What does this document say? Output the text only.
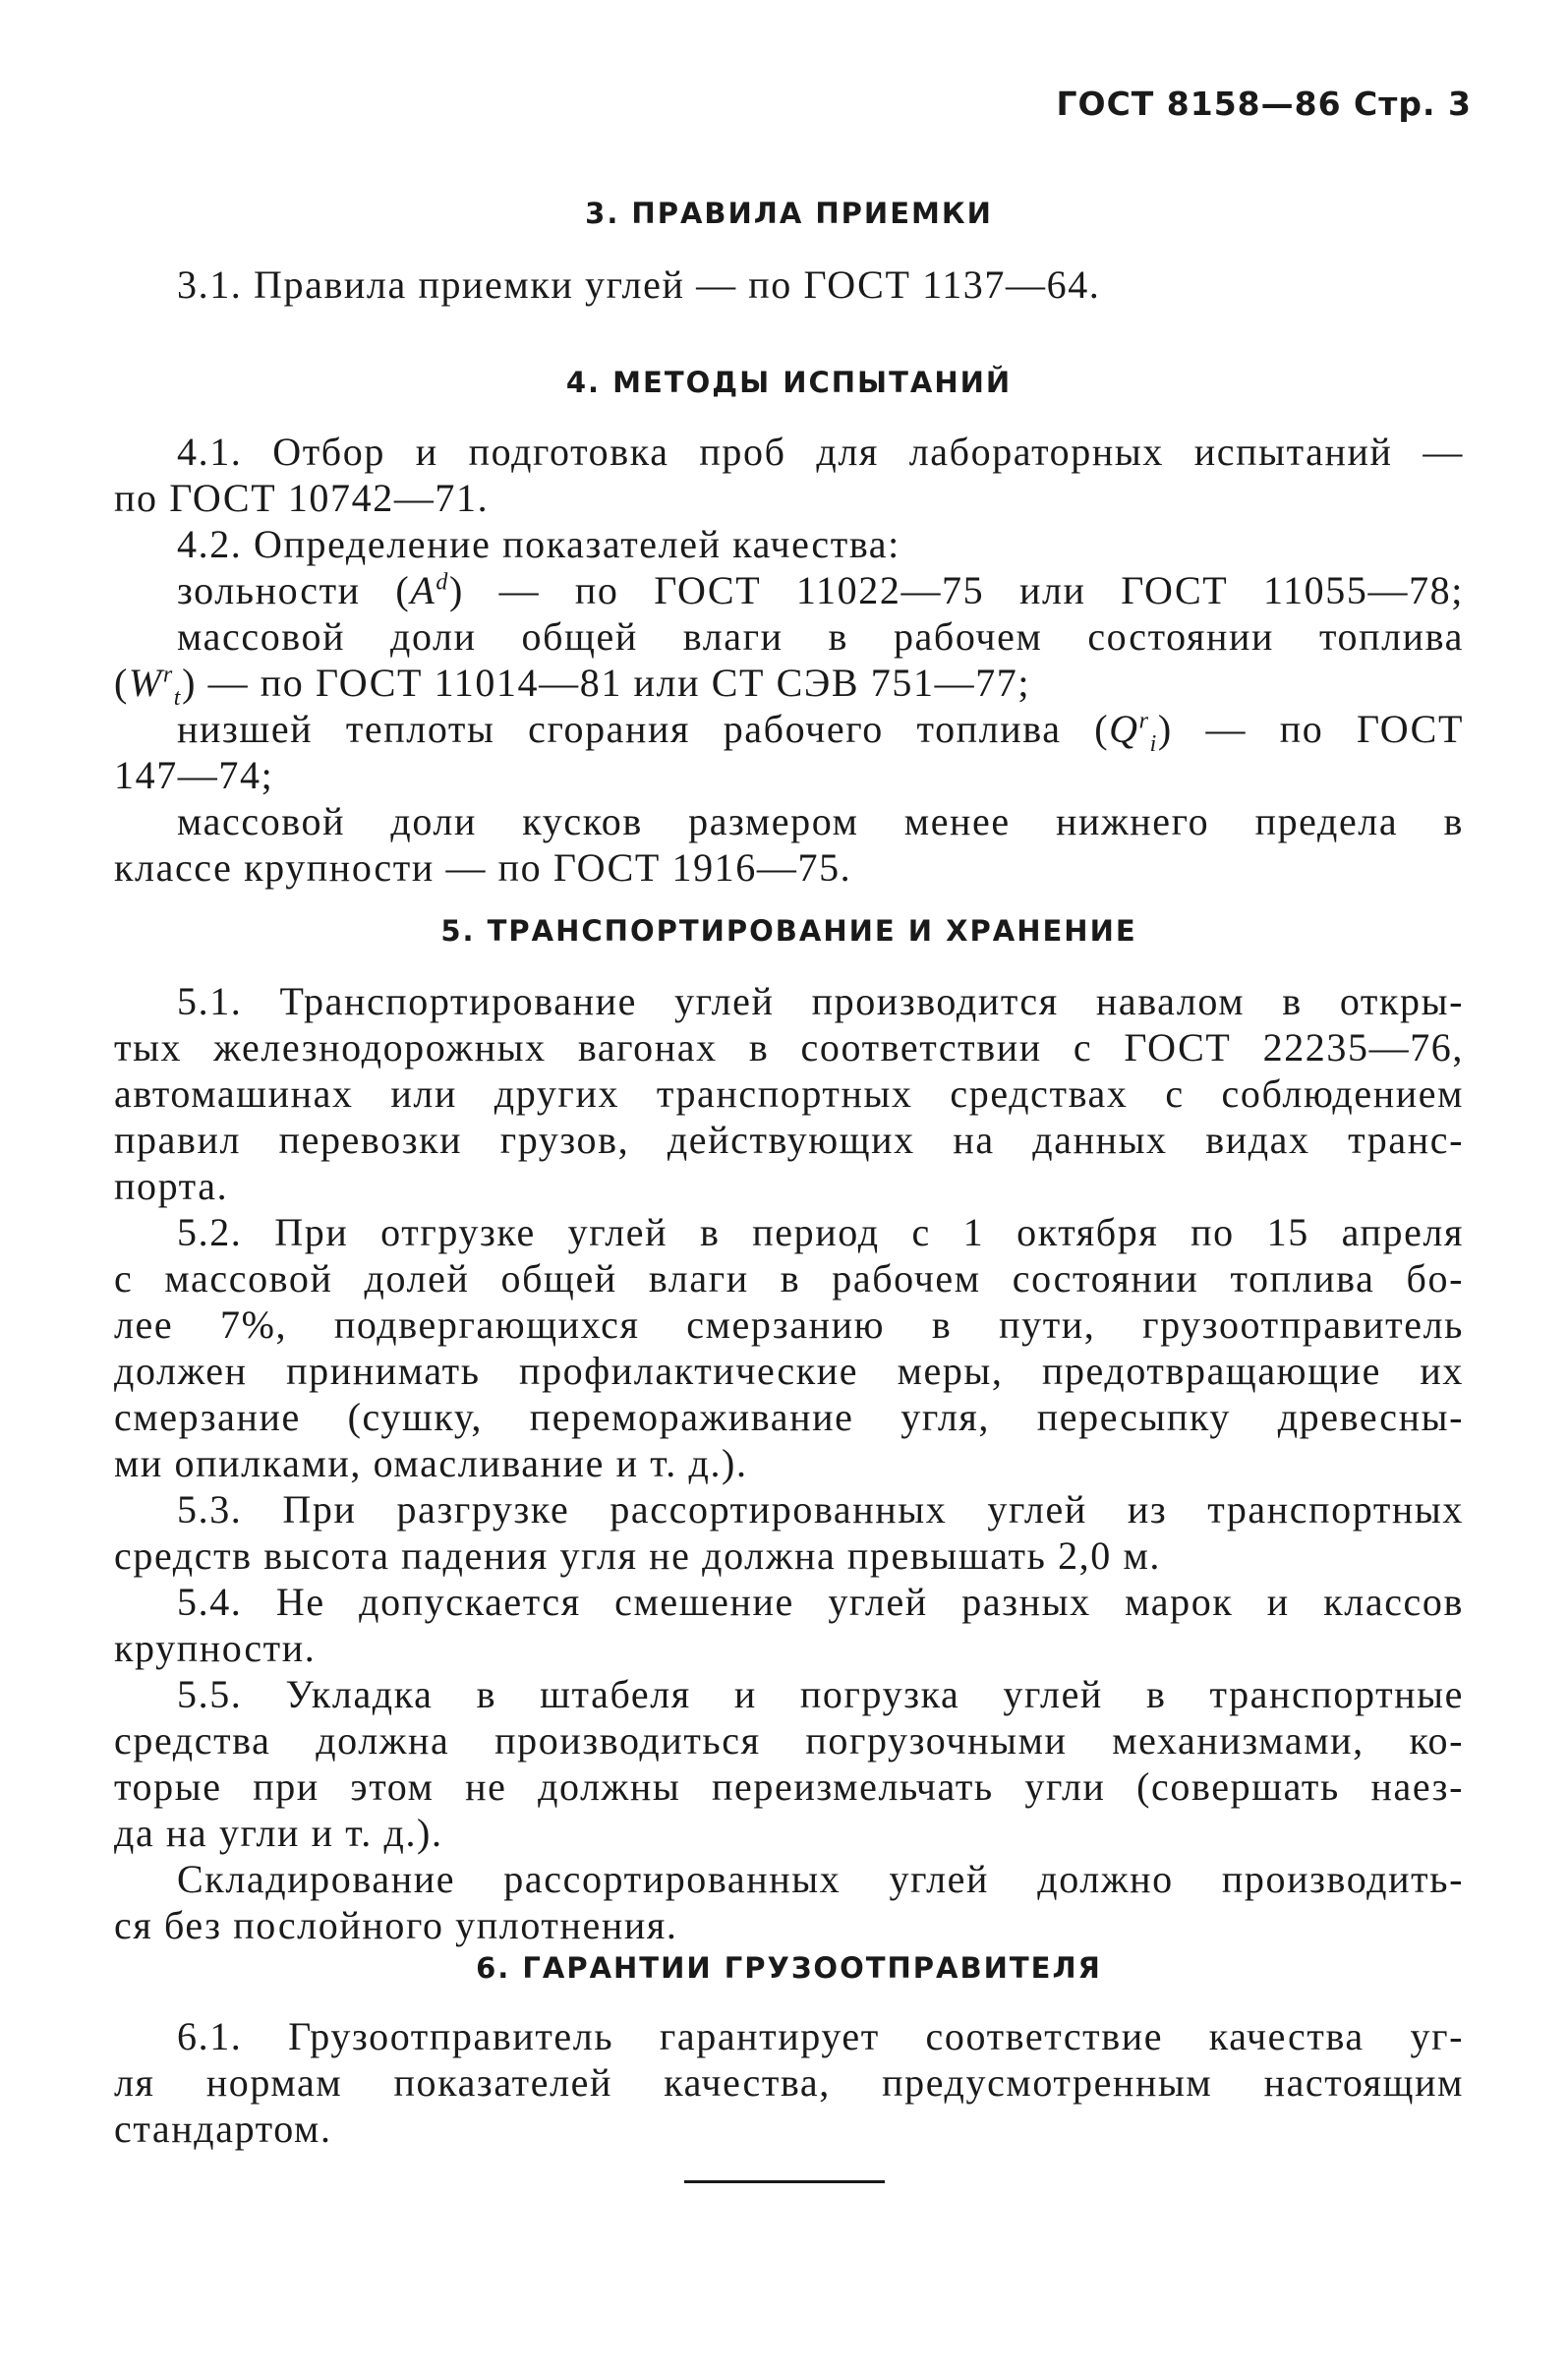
ГОСТ 8158—86 Стр. 3
3. ПРАВИЛА ПРИЕМКИ
3.1. Правила приемки углей — по ГОСТ 1137—64.
4. МЕТОДЫ ИСПЫТАНИЙ
4.1. Отбор и подготовка проб для лабораторных испытаний —
по ГОСТ 10742—71.
4.2. Определение показателей качества:
зольности $(A^d)$ — по ГОСТ 11022—75 или ГОСТ 11055—78;
массовой доли общей влаги в рабочем состоянии топлива
$(W^r_t)$ — по ГОСТ 11014—81 или СТ СЭВ 751—77;
низшей теплоты сгорания рабочего топлива $(Q^r_i)$ — по ГОСТ
147—74;
массовой доли кусков размером менее нижнего предела в
классе крупности — по ГОСТ 1916—75.
5. ТРАНСПОРТИРОВАНИЕ И ХРАНЕНИЕ
5.1. Транспортирование углей производится навалом в откры-
тых железнодорожных вагонах в соответствии с ГОСТ 22235—76,
автомашинах или других транспортных средствах с соблюдением
правил перевозки грузов, действующих на данных видах транс-
порта.
5.2. При отгрузке углей в период с 1 октября по 15 апреля
с массовой долей общей влаги в рабочем состоянии топлива бо-
лее 7%, подвергающихся смерзанию в пути, грузоотправитель
должен принимать профилактические меры, предотвращающие их
смерзание (сушку, перемораживание угля, пересыпку древесны-
ми опилками, омасливание и т. д.).
5.3. При разгрузке рассортированных углей из транспортных
средств высота падения угля не должна превышать 2,0 м.
5.4. Не допускается смешение углей разных марок и классов
крупности.
5.5. Укладка в штабеля и погрузка углей в транспортные
средства должна производиться погрузочными механизмами, ко-
торые при этом не должны переизмельчать угли (совершать наез-
да на угли и т. д.).
Складирование рассортированных углей должно производить-
ся без послойного уплотнения.
6. ГАРАНТИИ ГРУЗООТПРАВИТЕЛЯ
6.1. Грузоотправитель гарантирует соответствие качества уг-
ля нормам показателей качества, предусмотренным настоящим
стандартом.
